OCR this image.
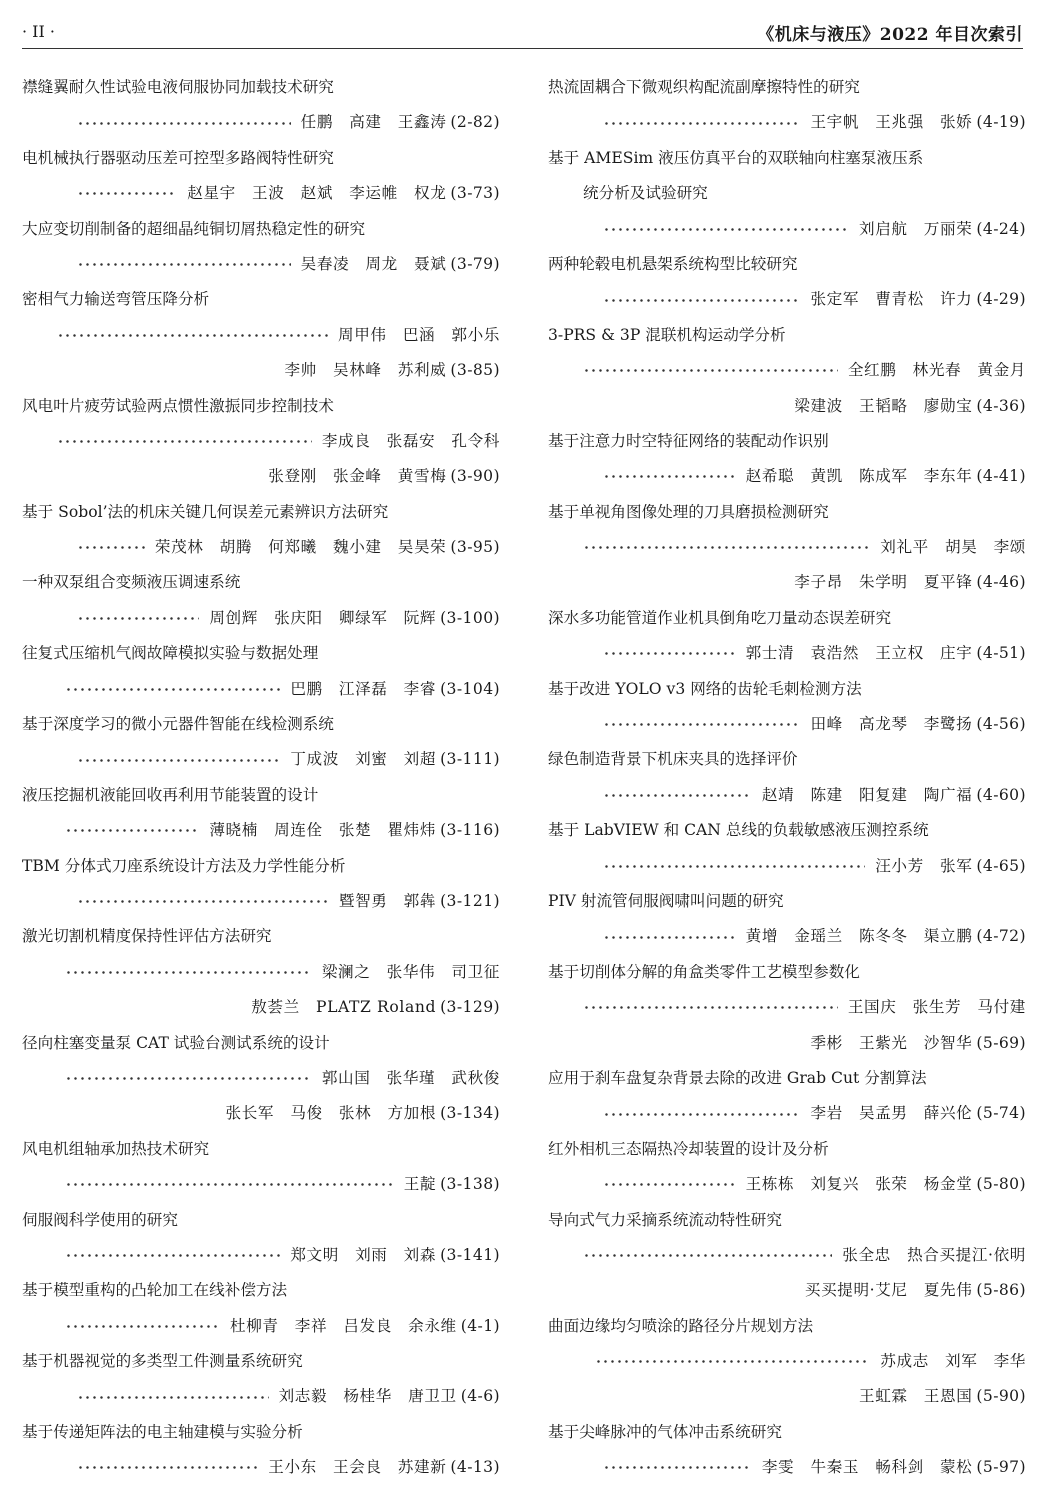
· II ·	《机床与液压》2022 年目次索引
襟缝翼耐久性试验电液伺服协同加载技术研究
任鹏　高建　王鑫涛 (2-82)
电机械执行器驱动压差可控型多路阀特性研究
赵星宇　王波　赵斌　李运帷　权龙 (3-73)
大应变切削制备的超细晶纯铜切屑热稳定性的研究
吴春凌　周龙　聂斌 (3-79)
密相气力输送弯管压降分析
周甲伟　巴涵　郭小乐
李帅　吴林峰　苏利威 (3-85)
风电叶片疲劳试验两点惯性激振同步控制技术
李成良　张磊安　孔令科
张登刚　张金峰　黄雪梅 (3-90)
基于 Sobol’法的机床关键几何误差元素辨识方法研究
荣茂林　胡腾　何郑曦　魏小建　吴昊荣 (3-95)
一种双泵组合变频液压调速系统
周创辉　张庆阳　卿绿军　阮辉 (3-100)
往复式压缩机气阀故障模拟实验与数据处理
巴鹏　江泽磊　李睿 (3-104)
基于深度学习的微小元器件智能在线检测系统
丁成波　刘蜜　刘超 (3-111)
液压挖掘机液能回收再利用节能装置的设计
薄晓楠　周连佺　张楚　瞿炜炜 (3-116)
TBM 分体式刀座系统设计方法及力学性能分析
暨智勇　郭犇 (3-121)
激光切割机精度保持性评估方法研究
梁澜之　张华伟　司卫征
敖荟兰　PLATZ Roland (3-129)
径向柱塞变量泵 CAT 试验台测试系统的设计
郭山国　张华瑾　武秋俊
张长军　马俊　张林　方加根 (3-134)
风电机组轴承加热技术研究
王靛 (3-138)
伺服阀科学使用的研究
郑文明　刘雨　刘森 (3-141)
基于模型重构的凸轮加工在线补偿方法
杜柳青　李祥　吕发良　余永维 (4-1)
基于机器视觉的多类型工件测量系统研究
刘志毅　杨桂华　唐卫卫 (4-6)
基于传递矩阵法的电主轴建模与实验分析
王小东　王会良　苏建新 (4-13)
热流固耦合下微观织构配流副摩擦特性的研究
王宇帆　王兆强　张娇 (4-19)
基于 AMESim 液压仿真平台的双联轴向柱塞泵液压系
统分析及试验研究
刘启航　万丽荣 (4-24)
两种轮毂电机悬架系统构型比较研究
张定军　曹青松　许力 (4-29)
3-PRS & 3P 混联机构运动学分析
全红鹏　林光春　黄金月
梁建波　王韬略　廖勋宝 (4-36)
基于注意力时空特征网络的装配动作识别
赵希聪　黄凯　陈成军　李东年 (4-41)
基于单视角图像处理的刀具磨损检测研究
刘礼平　胡昊　李颂
李子昂　朱学明　夏平锋 (4-46)
深水多功能管道作业机具倒角吃刀量动态误差研究
郭士清　袁浩然　王立权　庄宇 (4-51)
基于改进 YOLO v3 网络的齿轮毛刺检测方法
田峰　高龙琴　李鹭扬 (4-56)
绿色制造背景下机床夹具的选择评价
赵靖　陈建　阳复建　陶广福 (4-60)
基于 LabVIEW 和 CAN 总线的负载敏感液压测控系统
汪小芳　张军 (4-65)
PIV 射流管伺服阀啸叫问题的研究
黄增　金瑶兰　陈冬冬　渠立鹏 (4-72)
基于切削体分解的角盒类零件工艺模型参数化
王国庆　张生芳　马付建
季彬　王紫光　沙智华 (5-69)
应用于刹车盘复杂背景去除的改进 Grab Cut 分割算法
李岩　吴孟男　薛兴伦 (5-74)
红外相机三态隔热冷却装置的设计及分析
王栋栋　刘复兴　张荣　杨金堂 (5-80)
导向式气力采摘系统流动特性研究
张全忠　热合买提江·依明
买买提明·艾尼　夏先伟 (5-86)
曲面边缘均匀喷涂的路径分片规划方法
苏成志　刘军　李华
王虹霖　王恩国 (5-90)
基于尖峰脉冲的气体冲击系统研究
李雯　牛秦玉　畅科剑　蒙松 (5-97)
